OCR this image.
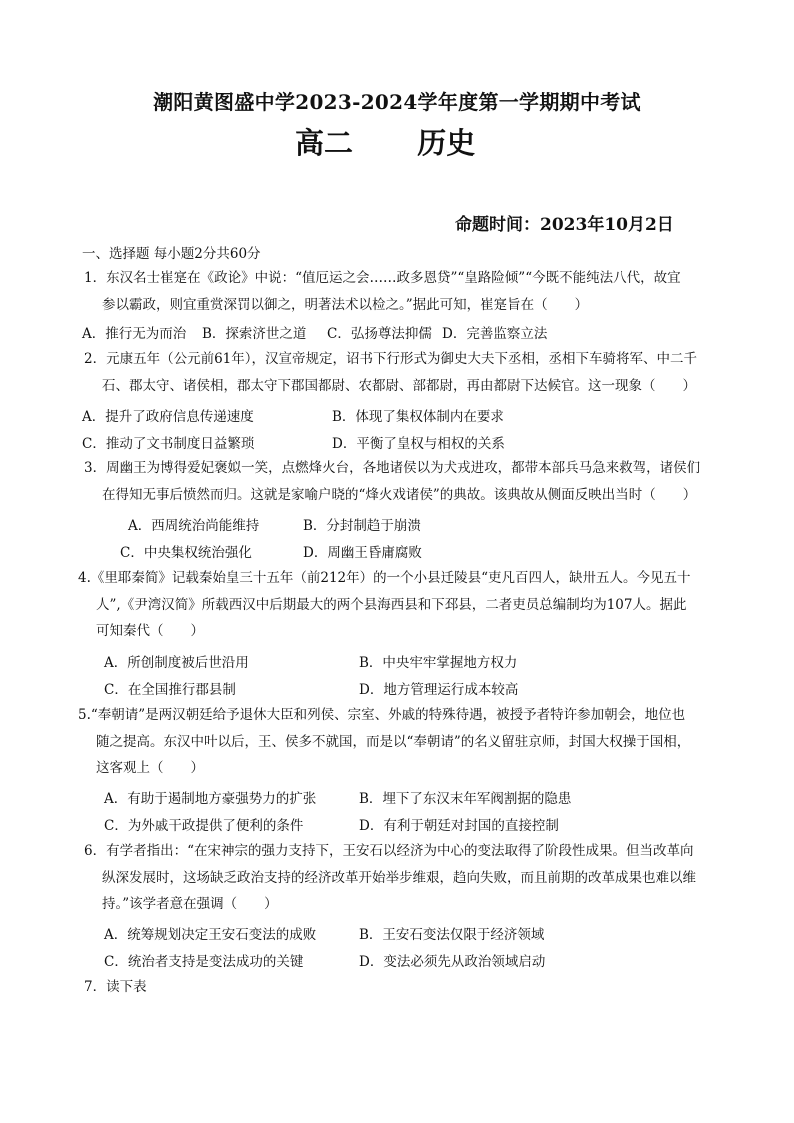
潮阳黄图盛中学2023-2024学年度第一学期期中考试
高二 历史
命题时间：2023年10月2日
一、选择题 每小题2分共60分

1．东汉名士崔寔在《政论》中说：“值厄运之会……政多恩贷”“皇路险倾”“今既不能纯法八代，故宜

参以霸政，则宜重赏深罚以御之，明著法术以检之。”据此可知，崔寔旨在（　　）

A．推行无为而治 B．探索济世之道 C．弘扬尊法抑儒 D．完善监察立法

2．元康五年（公元前61年），汉宣帝规定，诏书下行形式为御史大夫下丞相，丞相下车骑将军、中二千

石、郡太守、诸侯相，郡太守下郡国都尉、农都尉、部都尉，再由都尉下达候官。这一现象（　　）

A．提升了政府信息传递速度	B．体现了集权体制内在要求
C．推动了文书制度日益繁琐	D．平衡了皇权与相权的关系

3．周幽王为博得爱妃褒姒一笑，点燃烽火台，各地诸侯以为犬戎进攻，都带本部兵马急来救驾，诸侯们

在得知无事后愤然而归。这就是家喻户晓的“烽火戏诸侯”的典故。该典故从侧面反映出当时（　　）

A．西周统治尚能维持	B．分封制趋于崩溃
C．中央集权统治强化	D．周幽王昏庸腐败

4.《里耶秦简》记载秦始皇三十五年（前212年）的一个小县迁陵县“吏凡百四人，缺卅五人。今见五十

人”,《尹湾汉简》所载西汉中后期最大的两个县海西县和下邳县，二者吏员总编制均为107人。据此

可知秦代（　　）

A．所创制度被后世沿用	B．中央牢牢掌握地方权力
C．在全国推行郡县制	D．地方管理运行成本较高

5.“奉朝请”是两汉朝廷给予退休大臣和列侯、宗室、外戚的特殊待遇，被授予者特许参加朝会，地位也

随之提高。东汉中叶以后，王、侯多不就国，而是以“奉朝请”的名义留驻京师，封国大权操于国相，

这客观上（　　）

A．有助于遏制地方豪强势力的扩张	B．埋下了东汉末年军阀割据的隐患
C．为外戚干政提供了便利的条件	D．有利于朝廷对封国的直接控制

6．有学者指出：“在宋神宗的强力支持下，王安石以经济为中心的变法取得了阶段性成果。但当改革向

纵深发展时，这场缺乏政治支持的经济改革开始举步维艰，趋向失败，而且前期的改革成果也难以维

持。”该学者意在强调（　　）

A．统筹规划决定王安石变法的成败	B．王安石变法仅限于经济领域
C．统治者支持是变法成功的关键	D．变法必须先从政治领域启动

7．读下表
